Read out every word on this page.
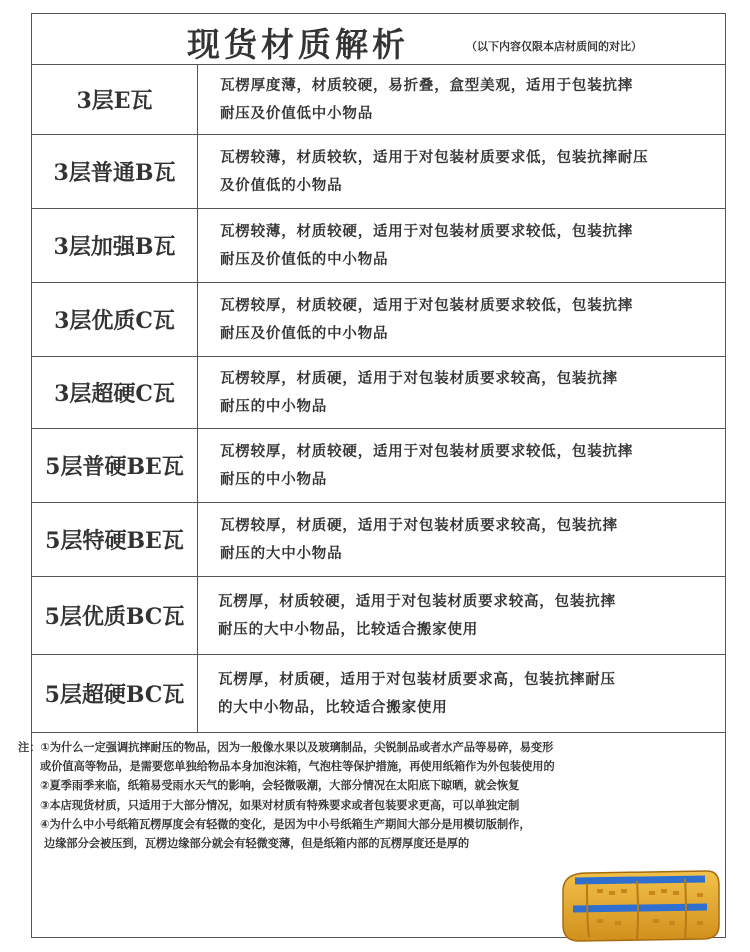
现货材质解析	（以下内容仅限本店材质间的对比）
3层E瓦
瓦楞厚度薄，材质较硬，易折叠，盒型美观，适用于包装抗摔
耐压及价值低中小物品
3层普通B瓦
瓦楞较薄，材质较软，适用于对包装材质要求低，包装抗摔耐压
及价值低的小物品
3层加强B瓦
瓦楞较薄，材质较硬，适用于对包装材质要求较低，包装抗摔
耐压及价值低的中小物品
3层优质C瓦
瓦楞较厚，材质较硬，适用于对包装材质要求较低，包装抗摔
耐压及价值低的中小物品
3层超硬C瓦
瓦楞较厚，材质硬，适用于对包装材质要求较高，包装抗摔
耐压的中小物品
5层普硬BE瓦
瓦楞较厚，材质较硬，适用于对包装材质要求较低，包装抗摔
耐压的中小物品
5层特硬BE瓦
瓦楞较厚，材质硬，适用于对包装材质要求较高，包装抗摔
耐压的大中小物品
5层优质BC瓦
瓦楞厚，材质较硬，适用于对包装材质要求较高，包装抗摔
耐压的大中小物品，比较适合搬家使用
5层超硬BC瓦
瓦楞厚，材质硬，适用于对包装材质要求高，包装抗摔耐压
的大中小物品，比较适合搬家使用
注：①为什么一定强调抗摔耐压的物品，因为一般像水果以及玻璃制品，尖锐制品或者水产品等易碎，易变形
或价值高等物品，是需要您单独给物品本身加泡沫箱，气泡柱等保护措施，再使用纸箱作为外包装使用的
②夏季雨季来临，纸箱易受雨水天气的影响，会轻微吸潮，大部分情况在太阳底下晾晒，就会恢复
③本店现货材质，只适用于大部分情况，如果对材质有特殊要求或者包装要求更高，可以单独定制
④为什么中小号纸箱瓦楞厚度会有轻微的变化，是因为中小号纸箱生产期间大部分是用模切版制作，
边缘部分会被压到，瓦楞边缘部分就会有轻微变薄，但是纸箱内部的瓦楞厚度还是厚的
